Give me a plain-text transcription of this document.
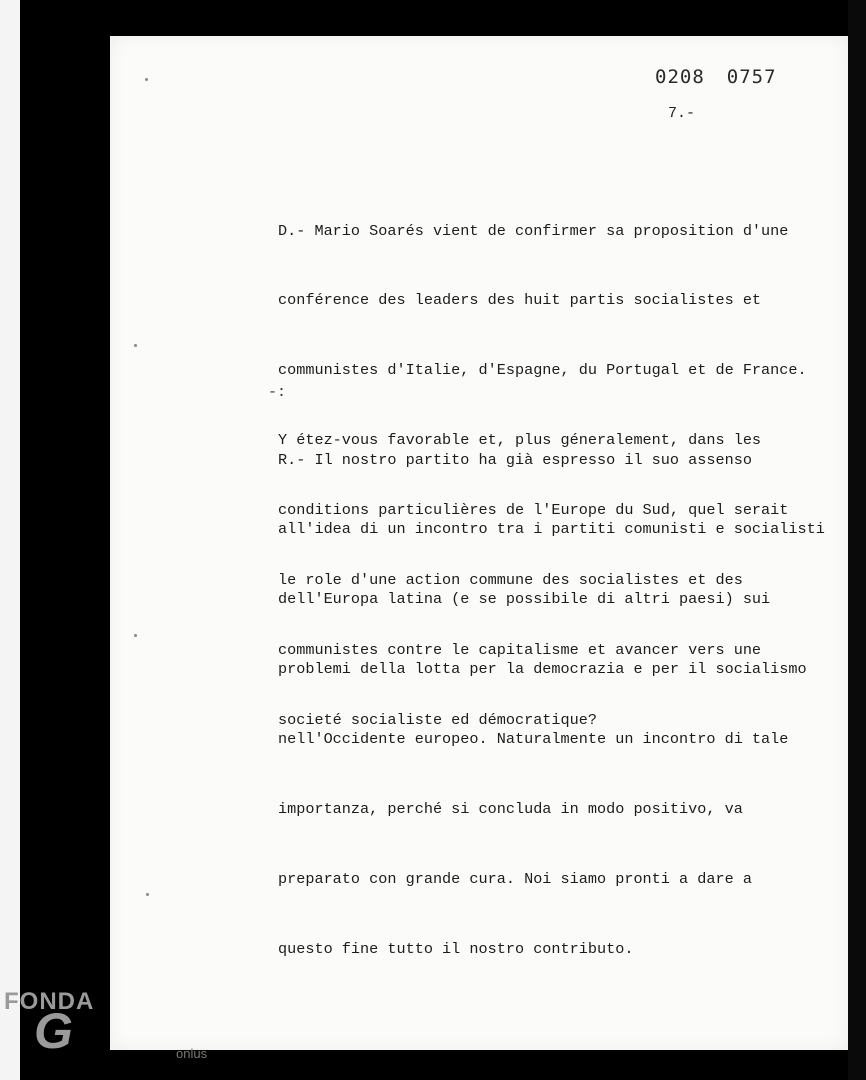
0208 0757
7.-

D.- Mario Soarés vient de confirmer sa proposition d'une

conférence des leaders des huit partis socialistes et

communistes d'Italie, d'Espagne, du Portugal et de France.

Y étez-vous favorable et, plus géneralement, dans les

conditions particulières de l'Europe du Sud, quel serait

le role d'une action commune des socialistes et des

communistes contre le capitalisme et avancer vers une

societé socialiste ed démocratique?

-:

R.- Il nostro partito ha già espresso il suo assenso

all'idea di un incontro tra i partiti comunisti e socialisti

dell'Europa latina (e se possibile di altri paesi) sui

problemi della lotta per la democrazia e per il socialismo

nell'Occidente europeo. Naturalmente un incontro di tale

importanza, perché si concluda in modo positivo, va

preparato con grande cura. Noi siamo pronti a dare a

questo fine tutto il nostro contributo.

FONDA
G	onlus
